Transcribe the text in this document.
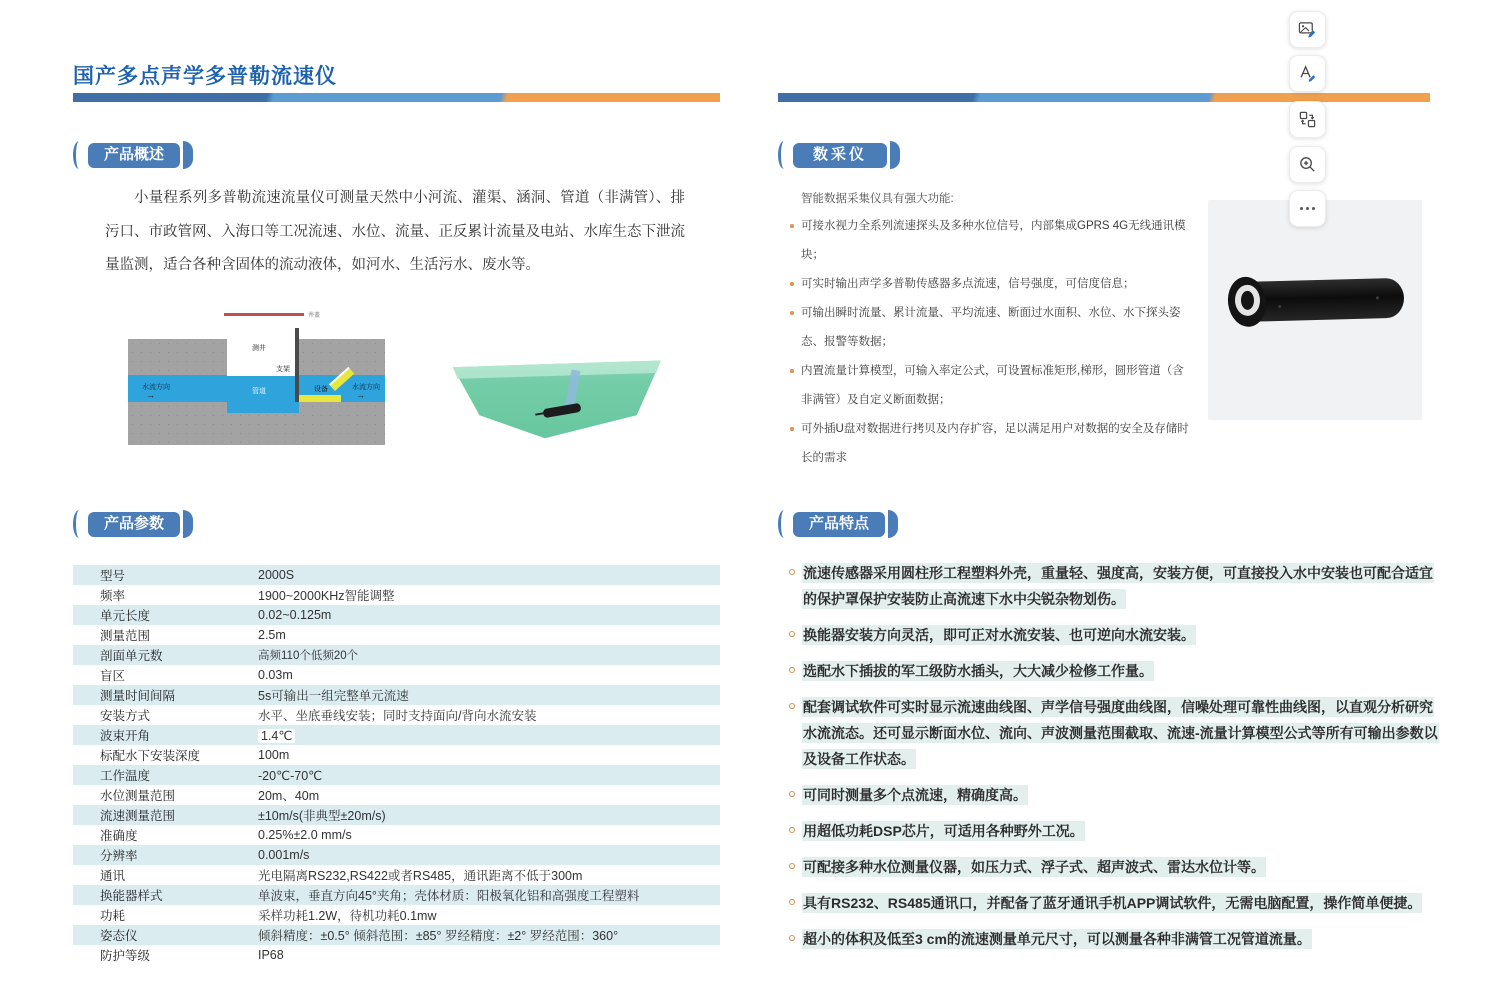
国产多点声学多普勒流速仪
产品概述

小量程系列多普勒流速流量仪可测量天然中小河流、灌渠、涵洞、管道（非满管）、排污口、市政管网、入海口等工况流速、水位、流量、正反累计流量及电站、水库生态下泄流量监测，适合各种含固体的流动液体，如河水、生活污水、废水等。

井盖
测井
支架
管道	设备
水流方向
→
水流方向
→
产品参数
型号	2000S
频率	1900~2000KHz智能调整
单元长度	0.02~0.125m
测量范围	2.5m
剖面单元数	高频110个低频20个
盲区	0.03m
测量时间间隔	5s可输出一组完整单元流速
安装方式	水平、坐底垂线安装；同时支持面向/背向水流安装
波束开角	1.4℃
标配水下安装深度	100m
工作温度	-20℃-70℃
水位测量范围	20m、40m
流速测量范围	±10m/s(非典型±20m/s)
准确度	0.25%±2.0 mm/s
分辨率	0.001m/s
通讯	光电隔离RS232,RS422或者RS485，通讯距离不低于300m
换能器样式	单波束，垂直方向45°夹角；壳体材质：阳极氧化铝和高强度工程塑料
功耗	采样功耗1.2W，待机功耗0.1mw
姿态仪	倾斜精度：±0.5° 倾斜范围：±85° 罗经精度：±2° 罗经范围：360°
防护等级	IP68
数采仪
智能数据采集仪具有强大功能:

可接水视力全系列流速探头及多种水位信号，内部集成GPRS 4G无线通讯模块；

可实时输出声学多普勒传感器多点流速，信号强度，可信度信息；

可输出瞬时流量、累计流量、平均流速、断面过水面积、水位、水下探头姿态、报警等数据；

内置流量计算模型，可输入率定公式，可设置标准矩形,梯形，圆形管道（含非满管）及自定义断面数据；

可外插U盘对数据进行拷贝及内存扩容，足以满足用户对数据的安全及存储时长的需求

产品特点
流速传感器采用圆柱形工程塑料外壳，重量轻、强度高，安装方便，可直接投入水中安装也可配合适宜的保护罩保护安装防止高流速下水中尖锐杂物划伤。
换能器安装方向灵活，即可正对水流安装、也可逆向水流安装。
选配水下插拔的军工级防水插头，大大减少检修工作量。
配套调试软件可实时显示流速曲线图、声学信号强度曲线图，信噪处理可靠性曲线图，以直观分析研究水流流态。还可显示断面水位、流向、声波测量范围截取、流速-流量计算模型公式等所有可输出参数以及设备工作状态。
可同时测量多个点流速，精确度高。
用超低功耗DSP芯片，可适用各种野外工况。
可配接多种水位测量仪器，如压力式、浮子式、超声波式、雷达水位计等。
具有RS232、RS485通讯口，并配备了蓝牙通讯手机APP调试软件，无需电脑配置，操作简单便捷。
超小的体积及低至3 cm的流速测量单元尺寸，可以测量各种非满管工况管道流量。
